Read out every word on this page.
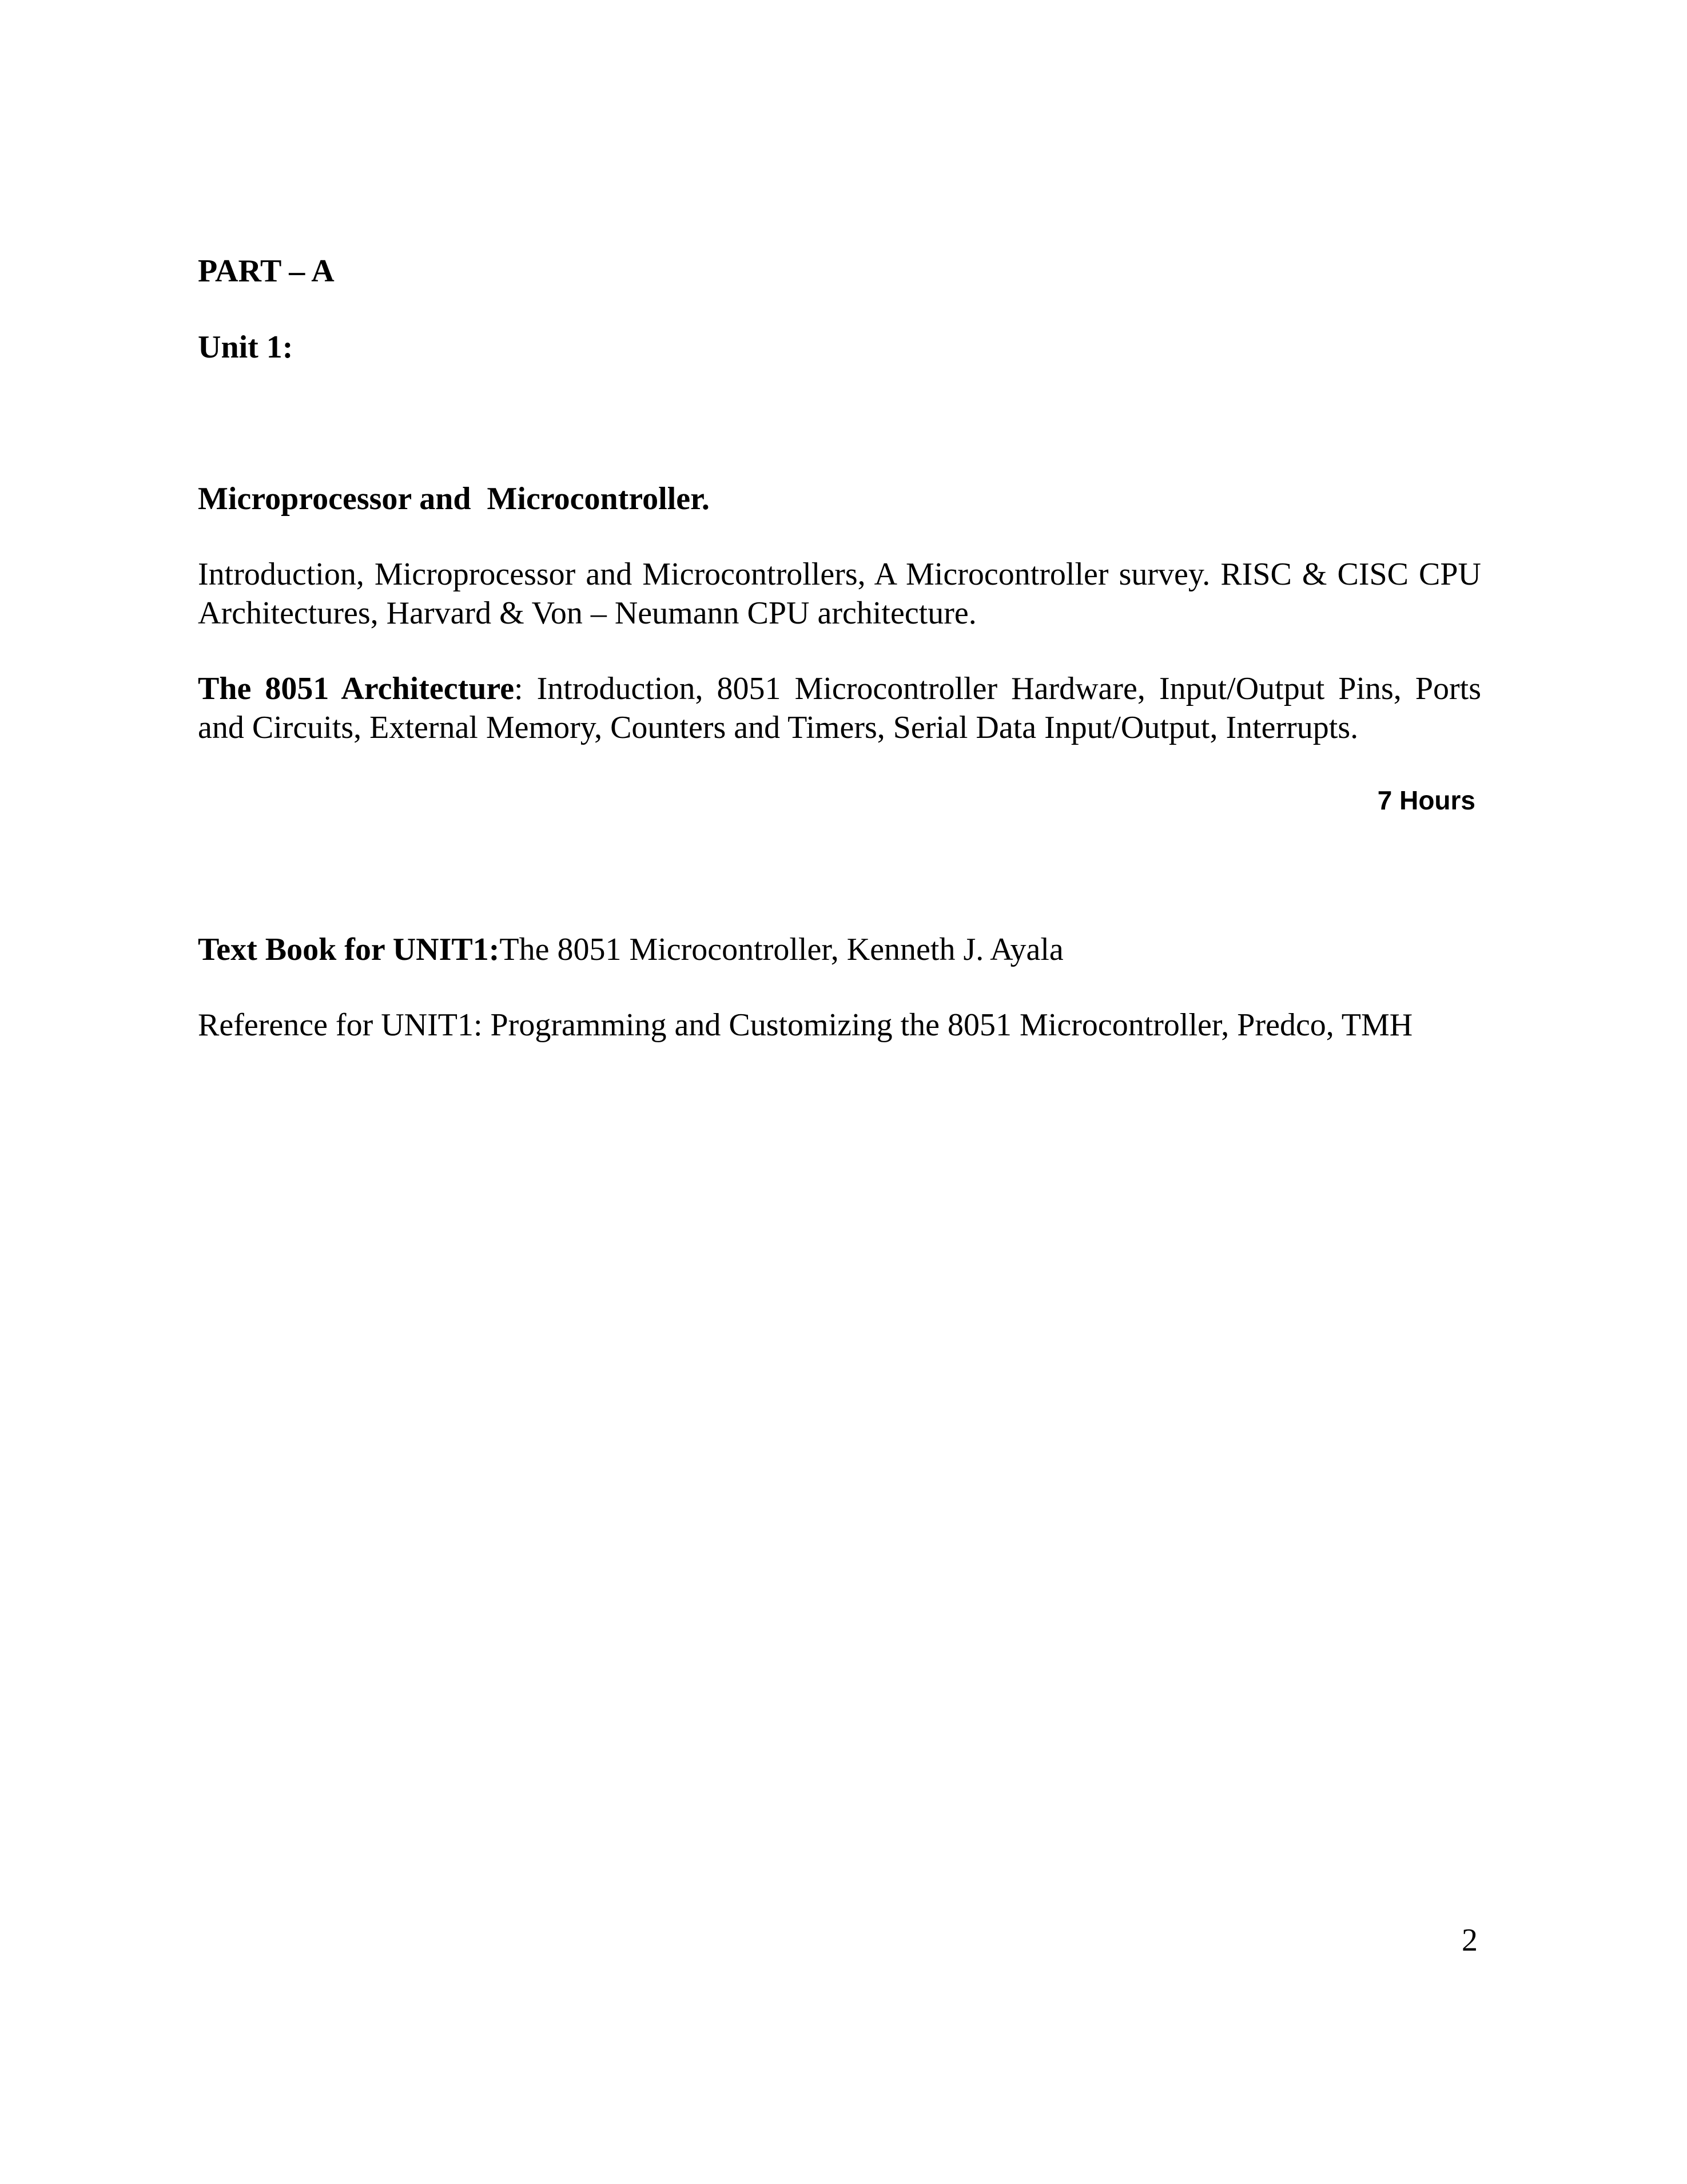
PART – A
Unit 1:
Microprocessor and  Microcontroller.
Introduction, Microprocessor and Microcontrollers, A Microcontroller survey. RISC & CISC CPU Architectures, Harvard & Von – Neumann CPU architecture.
The 8051 Architecture: Introduction, 8051 Microcontroller Hardware, Input/Output Pins, Ports and Circuits, External Memory, Counters and Timers, Serial Data Input/Output, Interrupts.
7 Hours
Text Book for UNIT1:The 8051 Microcontroller, Kenneth J. Ayala
Reference for UNIT1: Programming and Customizing the 8051 Microcontroller, Predco, TMH
2
